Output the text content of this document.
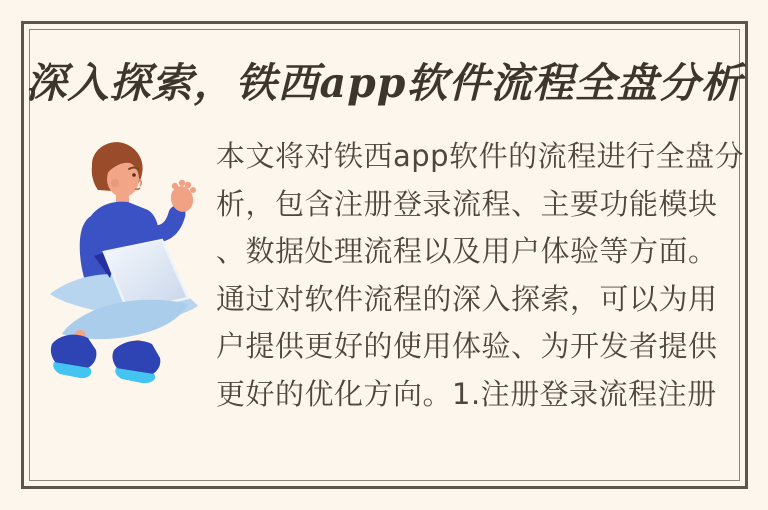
深入探索，铁西app软件流程全盘分析
本文将对铁西app软件的流程进行全盘分
析，包含注册登录流程、主要功能模块
、数据处理流程以及用户体验等方面。
通过对软件流程的深入探索，可以为用
户提供更好的使用体验、为开发者提供
更好的优化方向。1.注册登录流程注册
